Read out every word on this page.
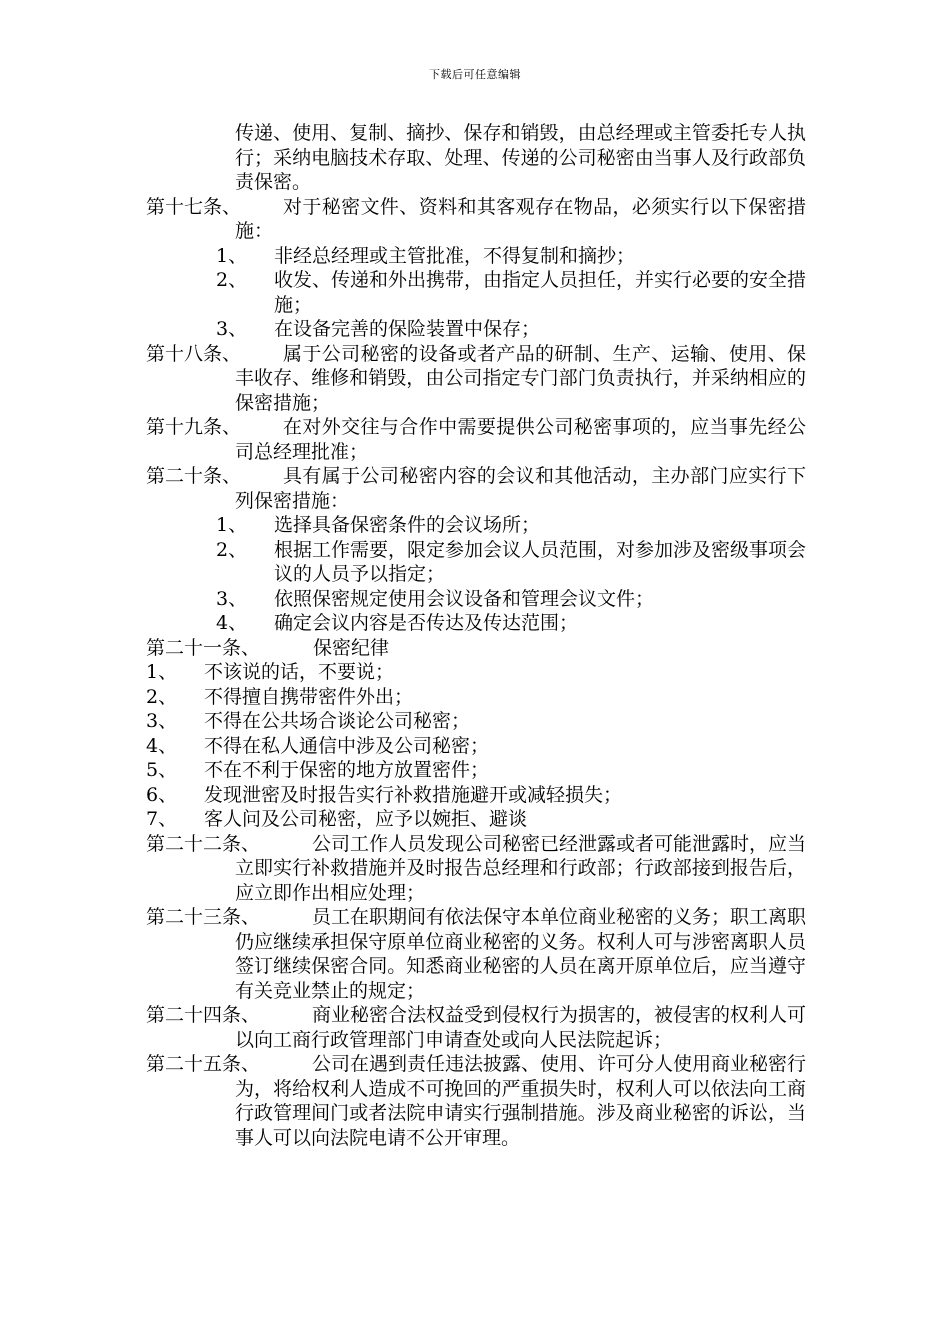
下载后可任意编辑
传递、使用、复制、摘抄、保存和销毁，由总经理或主管委托专人执行；采纳电脑技术存取、处理、传递的公司秘密由当事人及行政部负责保密。
第十七条、	对于秘密文件、资料和其客观存在物品，必须实行以下保密措施：
1、 非经总经理或主管批准，不得复制和摘抄；
2、 收发、传递和外出携带，由指定人员担任，并实行必要的安全措施；
3、 在设备完善的保险装置中保存；
第十八条、	属于公司秘密的设备或者产品的研制、生产、运输、使用、保丰收存、维修和销毁，由公司指定专门部门负责执行，并采纳相应的保密措施；
第十九条、	在对外交往与合作中需要提供公司秘密事项的，应当事先经公司总经理批准；
第二十条、	具有属于公司秘密内容的会议和其他活动，主办部门应实行下列保密措施：
1、 选择具备保密条件的会议场所；
2、 根据工作需要，限定参加会议人员范围，对参加涉及密级事项会议的人员予以指定；
3、 依照保密规定使用会议设备和管理会议文件；
4、 确定会议内容是否传达及传达范围；
第二十一条、	保密纪律
1、 不该说的话，不要说；
2、 不得擅自携带密件外出；
3、 不得在公共场合谈论公司秘密；
4、 不得在私人通信中涉及公司秘密；
5、 不在不利于保密的地方放置密件；
6、 发现泄密及时报告实行补救措施避开或减轻损失；
7、 客人问及公司秘密，应予以婉拒、避谈
第二十二条、	公司工作人员发现公司秘密已经泄露或者可能泄露时，应当立即实行补救措施并及时报告总经理和行政部；行政部接到报告后，应立即作出相应处理；
第二十三条、	员工在职期间有依法保守本单位商业秘密的义务；职工离职仍应继续承担保守原单位商业秘密的义务。权利人可与涉密离职人员签订继续保密合同。知悉商业秘密的人员在离开原单位后，应当遵守有关竞业禁止的规定；
第二十四条、	商业秘密合法权益受到侵权行为损害的，被侵害的权利人可以向工商行政管理部门申请查处或向人民法院起诉；
第二十五条、	公司在遇到责任违法披露、使用、许可分人使用商业秘密行为，将给权利人造成不可挽回的严重损失时，权利人可以依法向工商行政管理间门或者法院申请实行强制措施。涉及商业秘密的诉讼，当事人可以向法院电请不公开审理。
